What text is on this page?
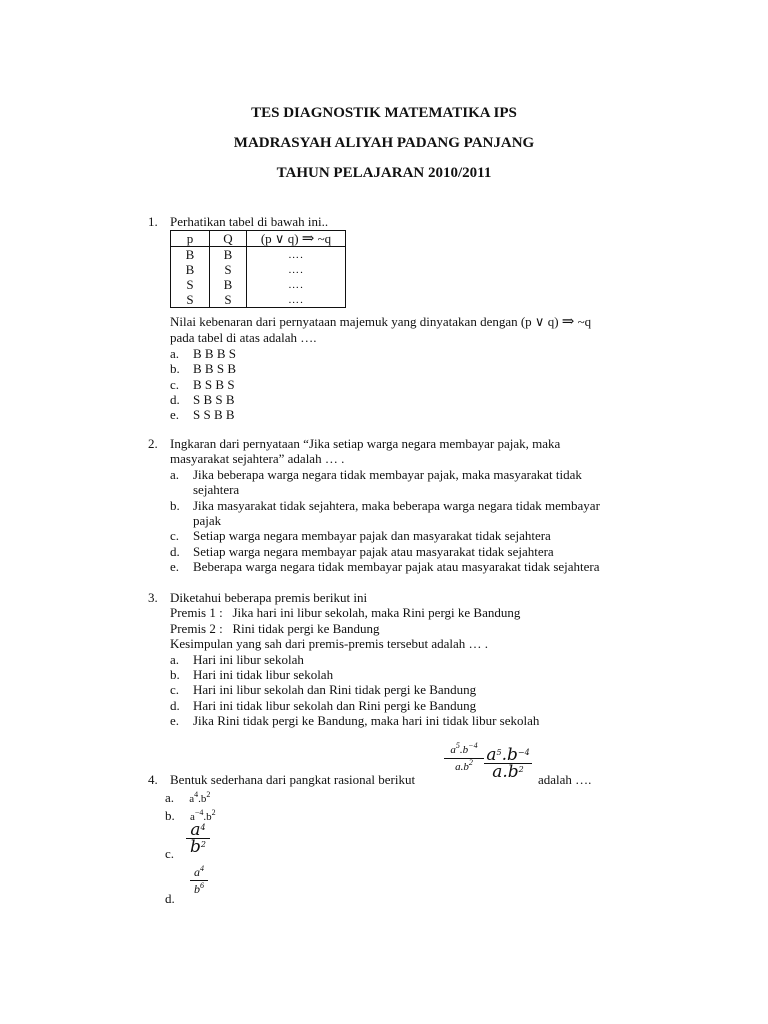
TES DIAGNOSTIK MATEMATIKA IPS
MADRASYAH ALIYAH PADANG PANJANG
TAHUN PELAJARAN 2010/2011
1. Perhatikan tabel di bawah ini..
p	Q	(p ∨ q) ⇒ ~q
B	B	….
B	S	….
S	B	….
S	S	….
Nilai kebenaran dari pernyataan majemuk yang dinyatakan dengan (p ∨ q) ⇒ ~q
pada tabel di atas adalah ….
a. B B B S
b. B B S B
c. B S B S
d. S B S B
e. S S B B
2. Ingkaran dari pernyataan “Jika setiap warga negara membayar pajak, maka
masyarakat sejahtera” adalah … .
a. Jika beberapa warga negara tidak membayar pajak, maka masyarakat tidak
sejahtera
b. Jika masyarakat tidak sejahtera, maka beberapa warga negara tidak membayar
pajak
c. Setiap warga negara membayar pajak dan masyarakat tidak sejahtera
d. Setiap warga negara membayar pajak atau masyarakat tidak sejahtera
e. Beberapa warga negara tidak membayar pajak atau masyarakat tidak sejahtera
3. Diketahui beberapa premis berikut ini
Premis 1 : Jika hari ini libur sekolah, maka Rini pergi ke Bandung
Premis 2 : Rini tidak pergi ke Bandung
Kesimpulan yang sah dari premis-premis tersebut adalah … .
a. Hari ini libur sekolah
b. Hari ini tidak libur sekolah
c. Hari ini libur sekolah dan Rini tidak pergi ke Bandung
d. Hari ini tidak libur sekolah dan Rini pergi ke Bandung
e. Jika Rini tidak pergi ke Bandung, maka hari ini tidak libur sekolah
4. Bentuk sederhana dari pangkat rasional berikut
$a^5.b^{-4}$
$a.b^2$ $a^5.b^{-4}$
$a.b^2$
adalah ….
a. $a^4.b^2$
b. $a^{-4}.b^2$
c.
$a^4$
$b^2$
$a^4$
$b^6$
d.
